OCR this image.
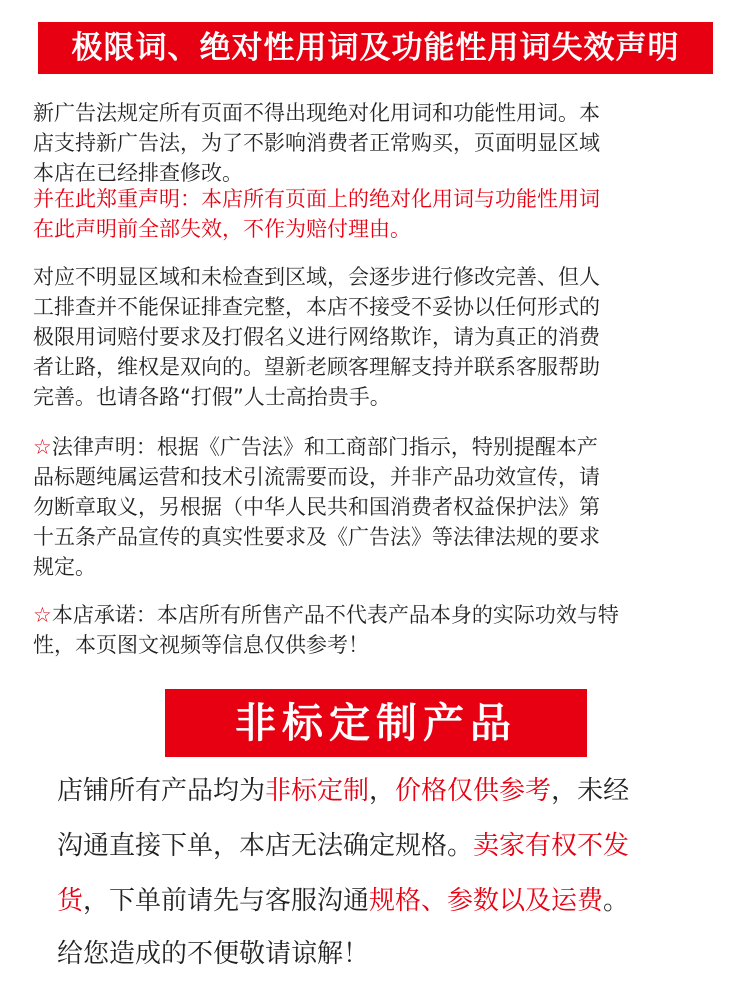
极限词、绝对性用词及功能性用词失效声明
新广告法规定所有页面不得出现绝对化用词和功能性用词。本
店支持新广告法，为了不影响消费者正常购买，页面明显区域
本店在已经排查修改。
并在此郑重声明：本店所有页面上的绝对化用词与功能性用词
在此声明前全部失效，不作为赔付理由。
对应不明显区域和未检查到区域，会逐步进行修改完善、但人
工排查并不能保证排查完整，本店不接受不妥协以任何形式的
极限用词赔付要求及打假名义进行网络欺诈，请为真正的消费
者让路，维权是双向的。望新老顾客理解支持并联系客服帮助
完善。也请各路“打假”人士高抬贵手。
☆法律声明：根据《广告法》和工商部门指示，特别提醒本产
品标题纯属运营和技术引流需要而设，并非产品功效宣传，请
勿断章取义，另根据（中华人民共和国消费者权益保护法》第
十五条产品宣传的真实性要求及《广告法》等法律法规的要求
规定。
☆本店承诺：本店所有所售产品不代表产品本身的实际功效与特
性，本页图文视频等信息仅供参考！
非标定制产品
店铺所有产品均为非标定制，价格仅供参考，未经
沟通直接下单，本店无法确定规格。卖家有权不发
货，下单前请先与客服沟通规格、参数以及运费。
给您造成的不便敬请谅解！
